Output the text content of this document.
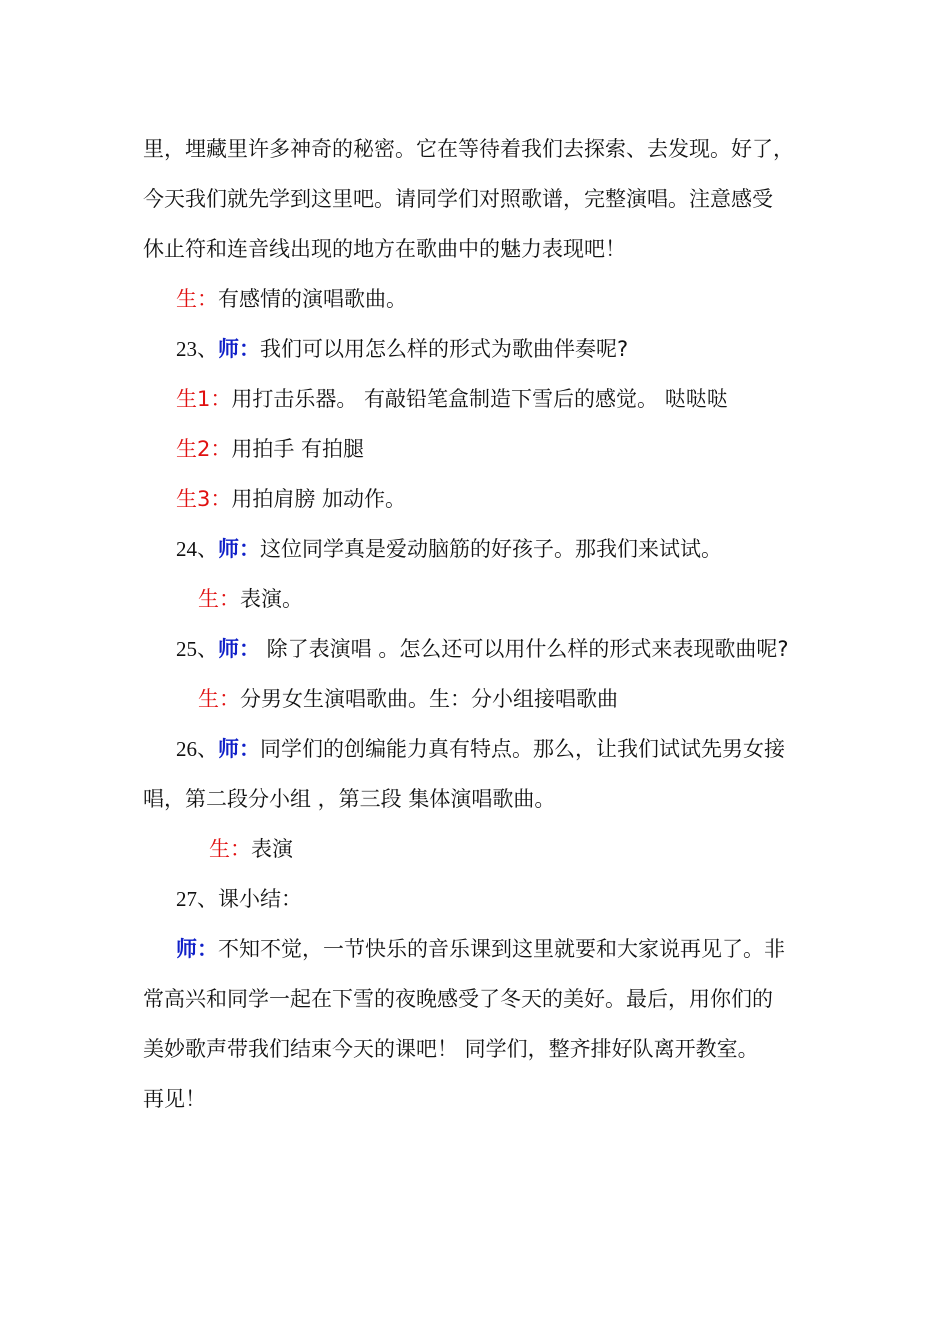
里，埋藏里许多神奇的秘密。它在等待着我们去探索、去发现。好了，
今天我们就先学到这里吧。请同学们对照歌谱，完整演唱。注意感受
休止符和连音线出现的地方在歌曲中的魅力表现吧！
生：有感情的演唱歌曲。
23、师：我们可以用怎么样的形式为歌曲伴奏呢?
生1：用打击乐器。 有敲铅笔盒制造下雪后的感觉。 哒哒哒
生2：用拍手 有拍腿
生3：用拍肩膀 加动作。
24、师：这位同学真是爱动脑筋的好孩子。那我们来试试。
生：表演。
25、师： 除了表演唱 。怎么还可以用什么样的形式来表现歌曲呢?
生：分男女生演唱歌曲。生：分小组接唱歌曲
26、师：同学们的创编能力真有特点。那么，让我们试试先男女接
唱，第二段分小组 ，第三段 集体演唱歌曲。
生：表演
27、课小结：
师：不知不觉，一节快乐的音乐课到这里就要和大家说再见了。非
常高兴和同学一起在下雪的夜晚感受了冬天的美好。最后，用你们的
美妙歌声带我们结束今天的课吧！ 同学们，整齐排好队离开教室。
再见！
